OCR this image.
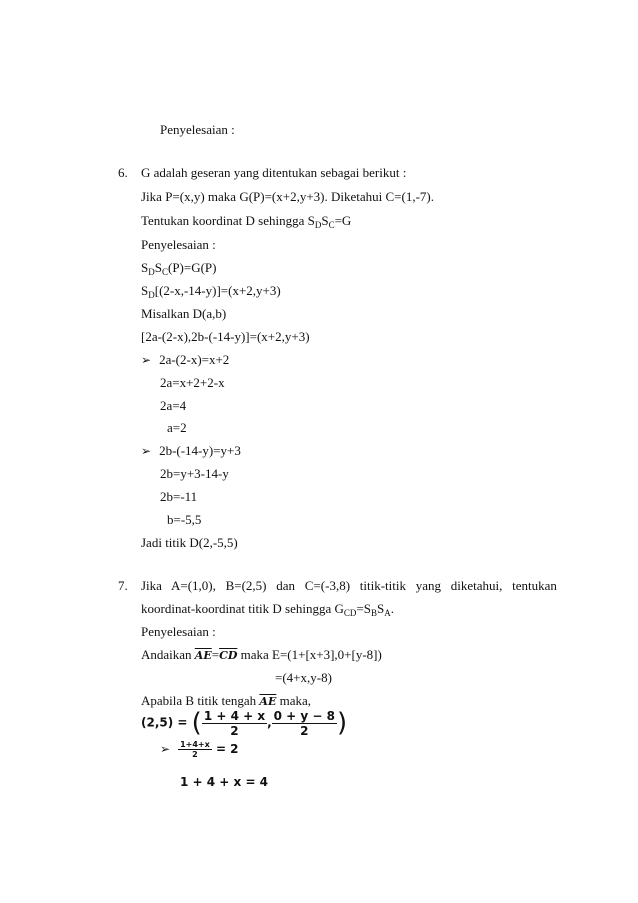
Penyelesaian :
6. G adalah geseran yang ditentukan sebagai berikut :
Jika P=(x,y) maka G(P)=(x+2,y+3). Diketahui C=(1,-7).
Tentukan koordinat D sehingga $S_DS_C=G$
Penyelesaian :
$S_DS_C(P)=G(P)$
$S_D[(2-x,-14-y)]=(x+2,y+3)$
Misalkan D(a,b)
[2a-(2-x),2b-(-14-y)]=(x+2,y+3)
➢ 2a-(2-x)=x+2
2a=x+2+2-x
2a=4
a=2
➢ 2b-(-14-y)=y+3
2b=y+3-14-y
2b=-11
b=-5,5
Jadi titik D(2,-5,5)
7. Jika   A=(1,0),   B=(2,5)   dan   C=(-3,8)   titik-titik   yang   diketahui,   tentukan
koordinat-koordinat titik D sehingga $G_{CD}=S_BS_A$.
Penyelesaian :
Andaikan $\overline{AE}=\overline{CD}$ maka E=(1+[x+3],0+[y-8])
=(4+x,y-8)
Apabila B titik tengah $\overline{AE}$ maka,
(2,5) = ( $\frac{1 + 4 + x}{2}$ , $\frac{0 + y - 8}{2}$ )
➢ $\frac{1+4+x}{2} = 2$
1 + 4 + x = 4
